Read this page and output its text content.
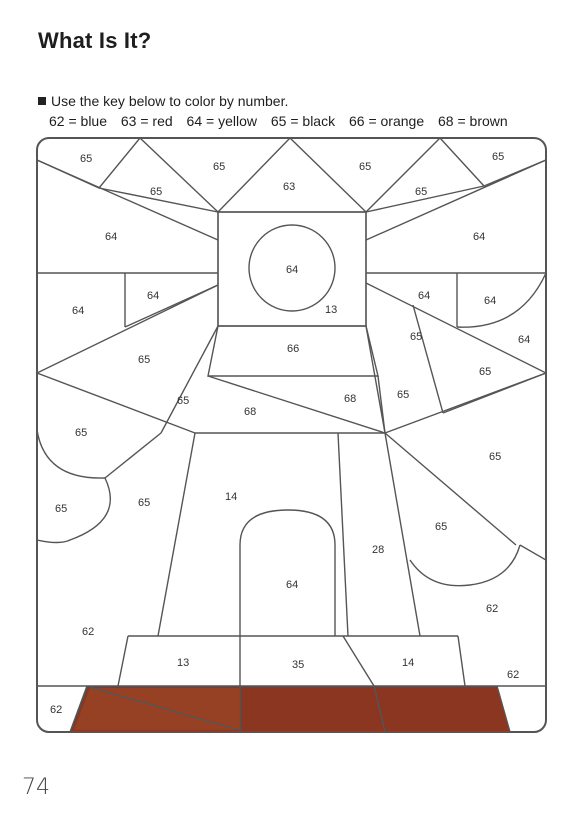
What Is It?
Use the key below to color by number.
62 = blue 63 = red 64 = yellow 65 = black 66 = orange 68 = brown
65
65
65
63
65
65
65
64
64
64
13
64
64	64	64
64
65
66
65
65
65
68
68	65
65
65
65
14
65
65
28
64
62
62
13	35	14
62
62
74
